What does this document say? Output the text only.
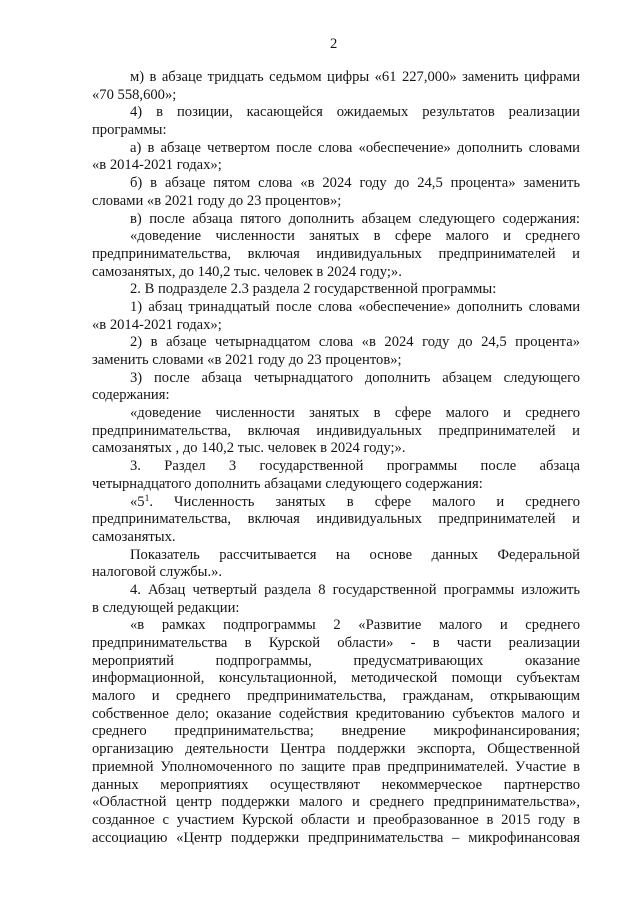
2
м) в абзаце тридцать седьмом цифры «61 227,000» заменить цифрами
«70 558,600»;
4) в позиции, касающейся ожидаемых результатов реализации
программы:
а) в абзаце четвертом после слова «обеспечение» дополнить словами
«в 2014-2021 годах»;
б) в абзаце пятом слова «в 2024 году до 24,5 процента» заменить
словами «в 2021 году до 23 процентов»;
в) после абзаца пятого дополнить абзацем следующего содержания:
«доведение численности занятых в сфере малого и среднего
предпринимательства, включая индивидуальных предпринимателей и
самозанятых, до 140,2 тыс. человек в 2024 году;».
2. В подразделе 2.3 раздела 2 государственной программы:
1) абзац тринадцатый после слова «обеспечение» дополнить словами
«в 2014-2021 годах»;
2) в абзаце четырнадцатом слова «в 2024 году до 24,5 процента»
заменить словами «в 2021 году до 23 процентов»;
3) после абзаца четырнадцатого дополнить абзацем следующего
содержания:
«доведение численности занятых в сфере малого и среднего
предпринимательства, включая индивидуальных предпринимателей и
самозанятых , до 140,2 тыс. человек в 2024 году;».
3. Раздел 3 государственной программы после абзаца
четырнадцатого дополнить абзацами следующего содержания:
«$5^1$. Численность занятых в сфере малого и среднего
предпринимательства, включая индивидуальных предпринимателей и
самозанятых.
Показатель рассчитывается на основе данных Федеральной
налоговой службы.».
4. Абзац четвертый раздела 8 государственной программы изложить
в следующей редакции:
«в рамках подпрограммы 2 «Развитие малого и среднего
предпринимательства в Курской области» - в части реализации
мероприятий подпрограммы, предусматривающих оказание
информационной, консультационной, методической помощи субъектам
малого и среднего предпринимательства, гражданам, открывающим
собственное дело; оказание содействия кредитованию субъектов малого и
среднего предпринимательства; внедрение микрофинансирования;
организацию деятельности Центра поддержки экспорта, Общественной
приемной Уполномоченного по защите прав предпринимателей. Участие в
данных мероприятиях осуществляют некоммерческое партнерство
«Областной центр поддержки малого и среднего предпринимательства»,
созданное с участием Курской области и преобразованное в 2015 году в
ассоциацию «Центр поддержки предпринимательства – микрофинансовая
